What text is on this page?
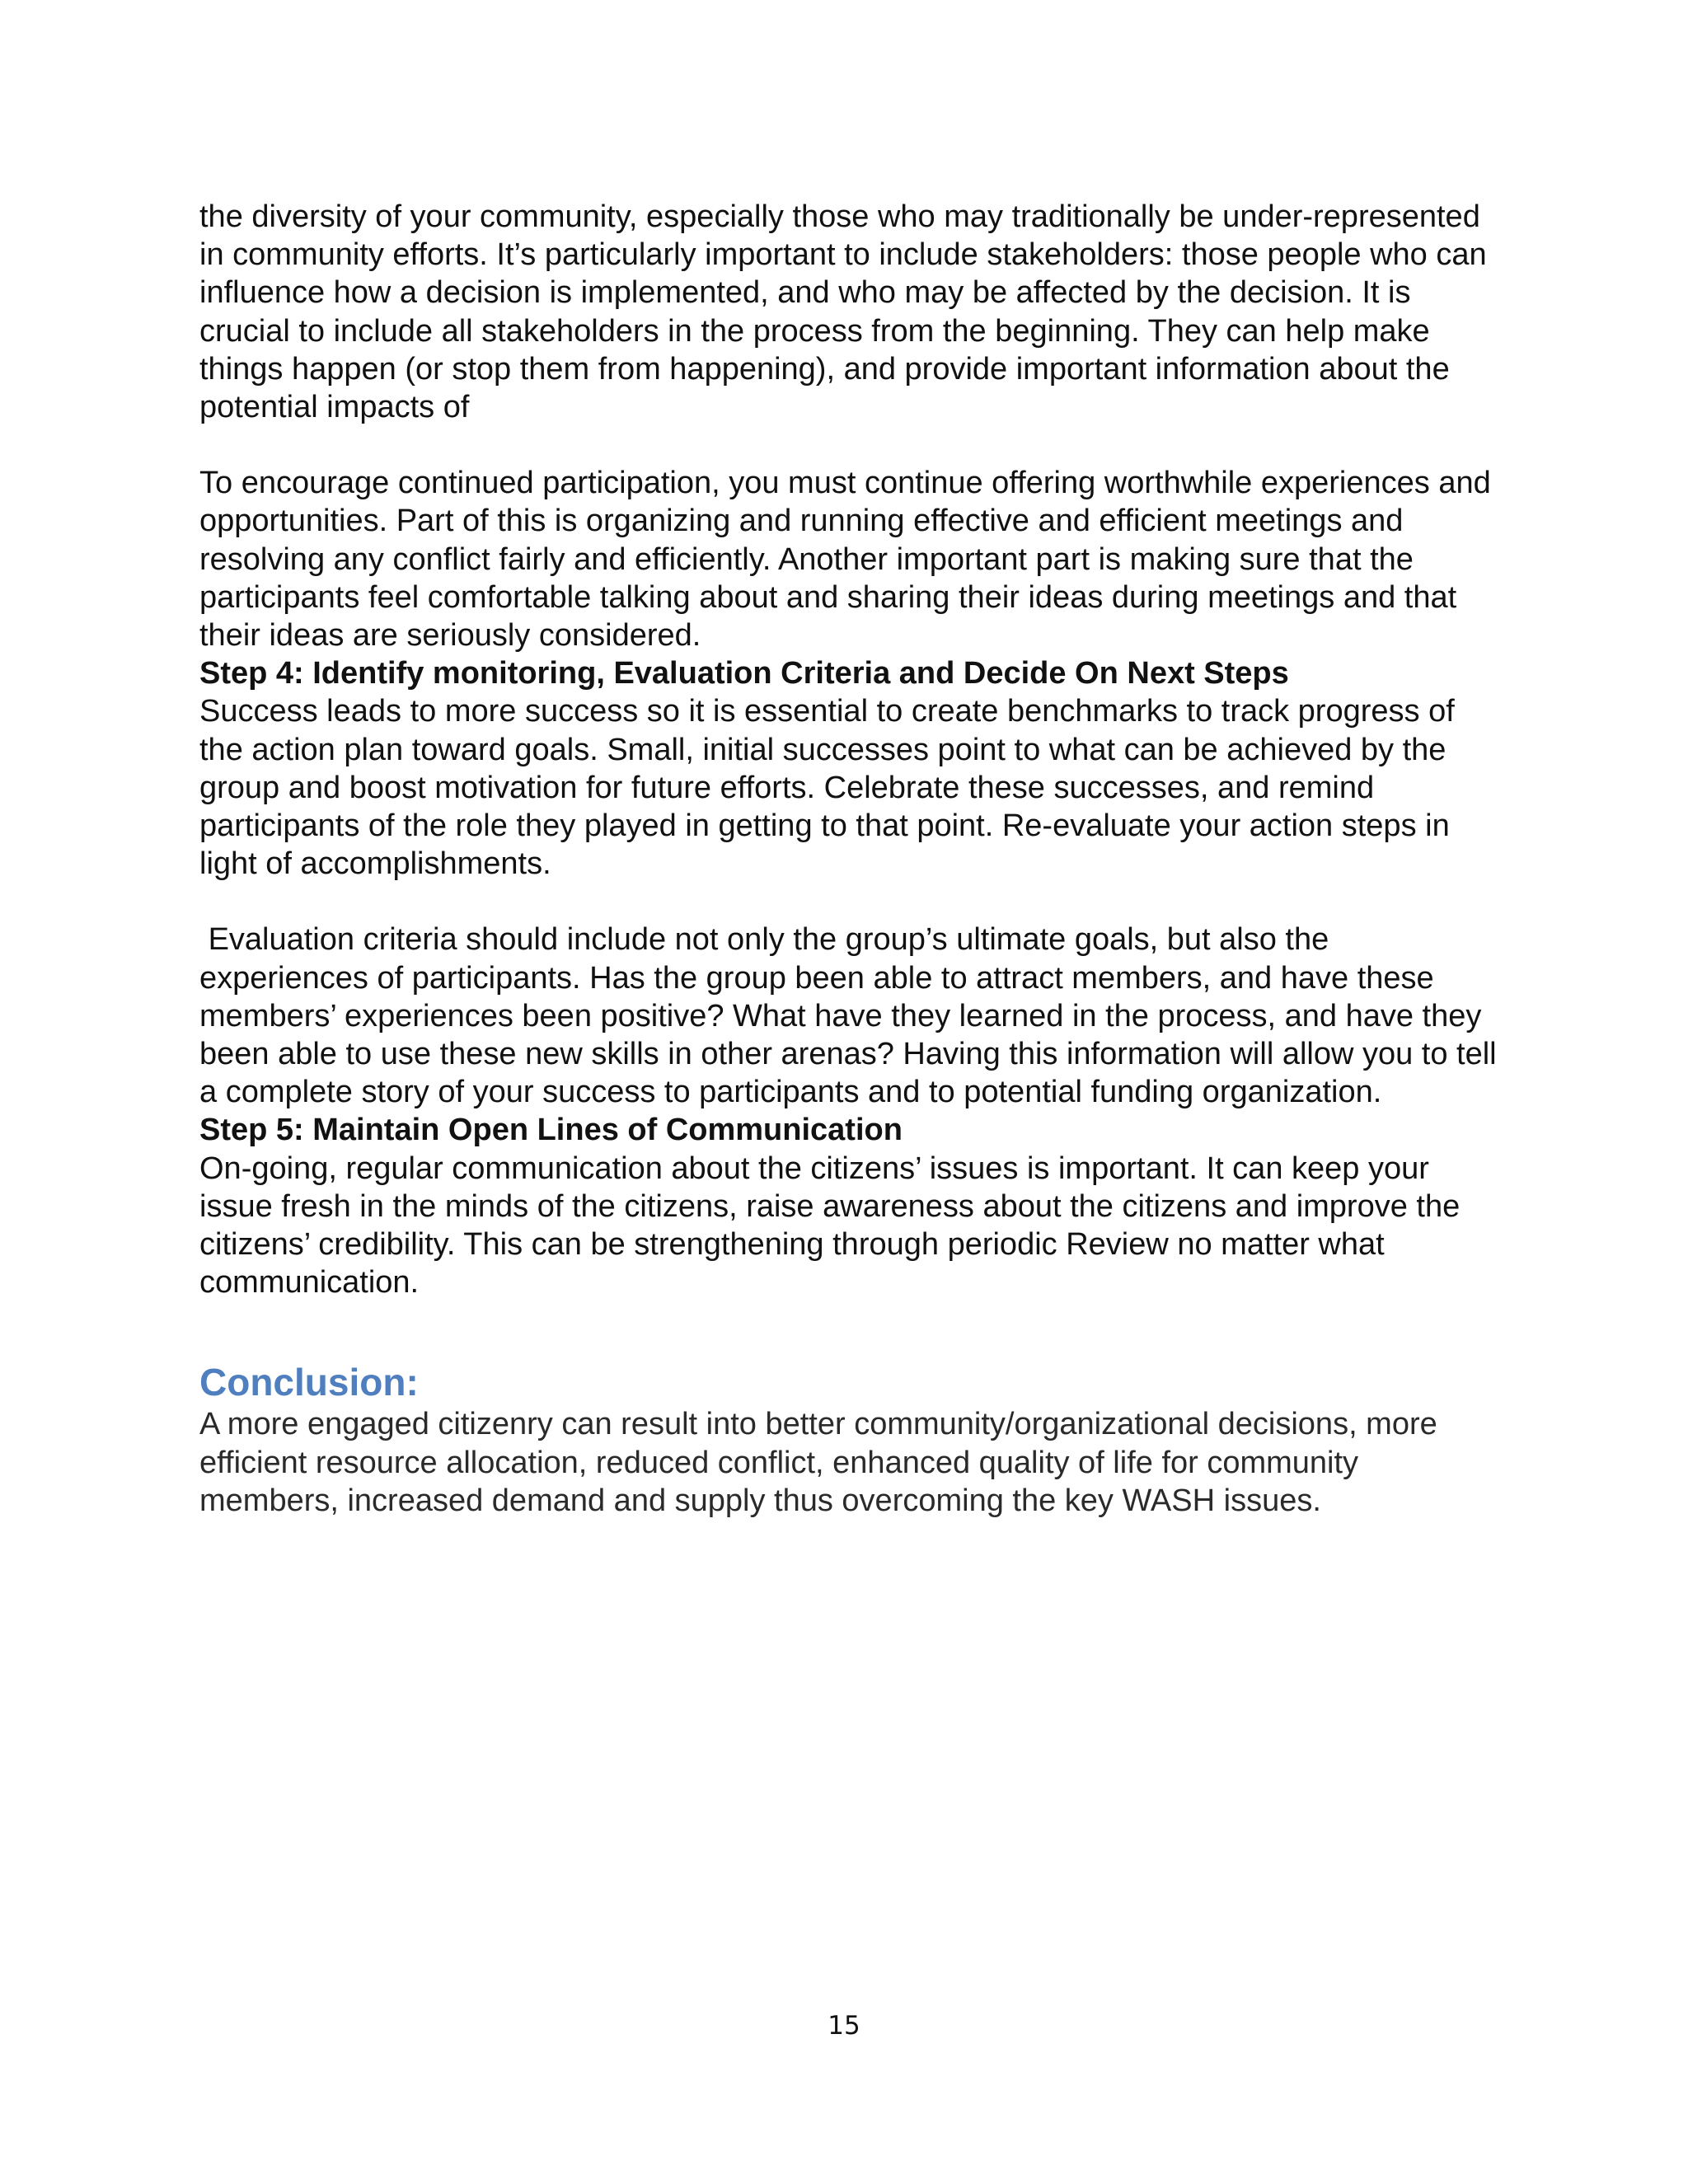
the diversity of your community, especially those who may traditionally be under-represented in community efforts. It’s particularly important to include stakeholders: those people who can influence how a decision is implemented, and who may be affected by the decision. It is crucial to include all stakeholders in the process from the beginning. They can help make things happen (or stop them from happening), and provide important information about the potential impacts of

To encourage continued participation, you must continue offering worthwhile experiences and opportunities. Part of this is organizing and running effective and efficient meetings and resolving any conflict fairly and efficiently. Another important part is making sure that the participants feel comfortable talking about and sharing their ideas during meetings and that their ideas are seriously considered.

Step 4: Identify monitoring, Evaluation Criteria and Decide On Next Steps

Success leads to more success so it is essential to create benchmarks to track progress of the action plan toward goals. Small, initial successes point to what can be achieved by the group and boost motivation for future efforts. Celebrate these successes, and remind participants of the role they played in getting to that point. Re-evaluate your action steps in light of accomplishments.

Evaluation criteria should include not only the group’s ultimate goals, but also the experiences of participants. Has the group been able to attract members, and have these members’ experiences been positive? What have they learned in the process, and have they been able to use these new skills in other arenas? Having this information will allow you to tell a complete story of your success to participants and to potential funding organization.

Step 5: Maintain Open Lines of Communication

On-going, regular communication about the citizens’ issues is important. It can keep your issue fresh in the minds of the citizens, raise awareness about the citizens and improve the citizens’ credibility. This can be strengthening through periodic Review no matter what communication.

Conclusion:

A more engaged citizenry can result into better community/organizational decisions, more efficient resource allocation, reduced conflict, enhanced quality of life for community members, increased demand and supply thus overcoming the key WASH issues.

15
